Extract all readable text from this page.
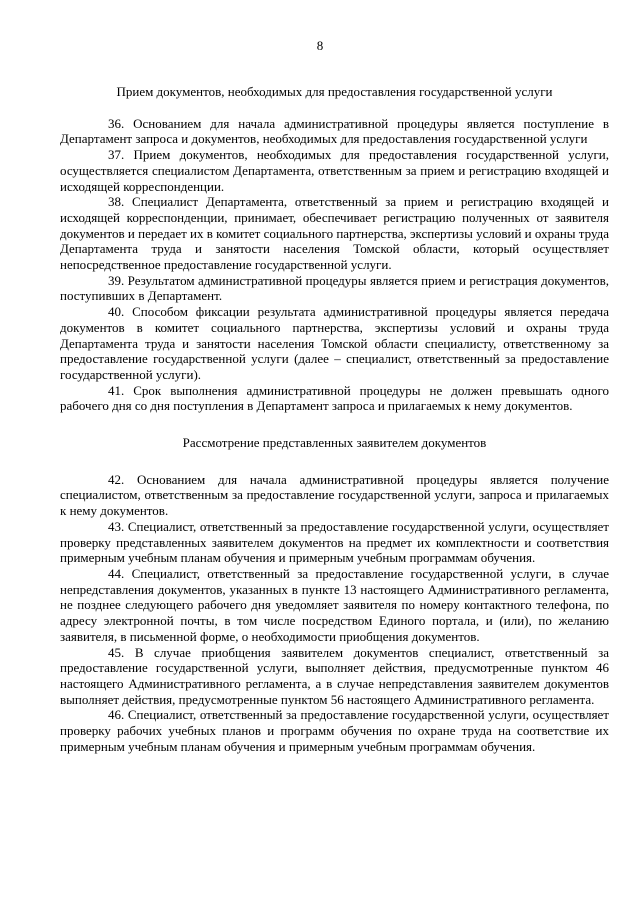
8

Прием документов, необходимых для предоставления государственной услуги

36. Основанием для начала административной процедуры является поступление в Департамент запроса и документов, необходимых для предоставления государственной услуги

37. Прием документов, необходимых для предоставления государственной услуги, осуществляется специалистом Департамента, ответственным за прием и регистрацию входящей и исходящей корреспонденции.

38. Специалист Департамента, ответственный за прием и регистрацию входящей и исходящей корреспонденции, принимает, обеспечивает регистрацию полученных от заявителя документов и передает их в комитет социального партнерства, экспертизы условий и охраны труда Департамента труда и занятости населения Томской области, который осуществляет непосредственное предоставление государственной услуги.

39. Результатом административной процедуры является прием и регистрация документов, поступивших в Департамент.

40. Способом фиксации результата административной процедуры является передача документов в комитет социального партнерства, экспертизы условий и охраны труда Департамента труда и занятости населения Томской области специалисту, ответственному за предоставление государственной услуги (далее – специалист, ответственный за предоставление государственной услуги).

41. Срок выполнения административной процедуры не должен превышать одного рабочего дня со дня поступления в Департамент запроса и прилагаемых к нему документов.

Рассмотрение представленных заявителем документов

42. Основанием для начала административной процедуры является получение специалистом, ответственным за предоставление государственной услуги, запроса и прилагаемых к нему документов.

43. Специалист, ответственный за предоставление государственной услуги, осуществляет проверку представленных заявителем документов на предмет их комплектности и соответствия примерным учебным планам обучения и примерным учебным программам обучения.

44. Специалист, ответственный за предоставление государственной услуги, в случае непредставления документов, указанных в пункте 13 настоящего Административного регламента, не позднее следующего рабочего дня уведомляет заявителя по номеру контактного телефона, по адресу электронной почты, в том числе посредством Единого портала, и (или), по желанию заявителя, в письменной форме, о необходимости приобщения документов.

45. В случае приобщения заявителем документов специалист, ответственный за предоставление государственной услуги, выполняет действия, предусмотренные пунктом 46 настоящего Административного регламента, а в случае непредставления заявителем документов выполняет действия, предусмотренные пунктом 56 настоящего Административного регламента.

46. Специалист, ответственный за предоставление государственной услуги, осуществляет проверку рабочих учебных планов и программ обучения по охране труда на соответствие их примерным учебным планам обучения и примерным учебным программам обучения.
